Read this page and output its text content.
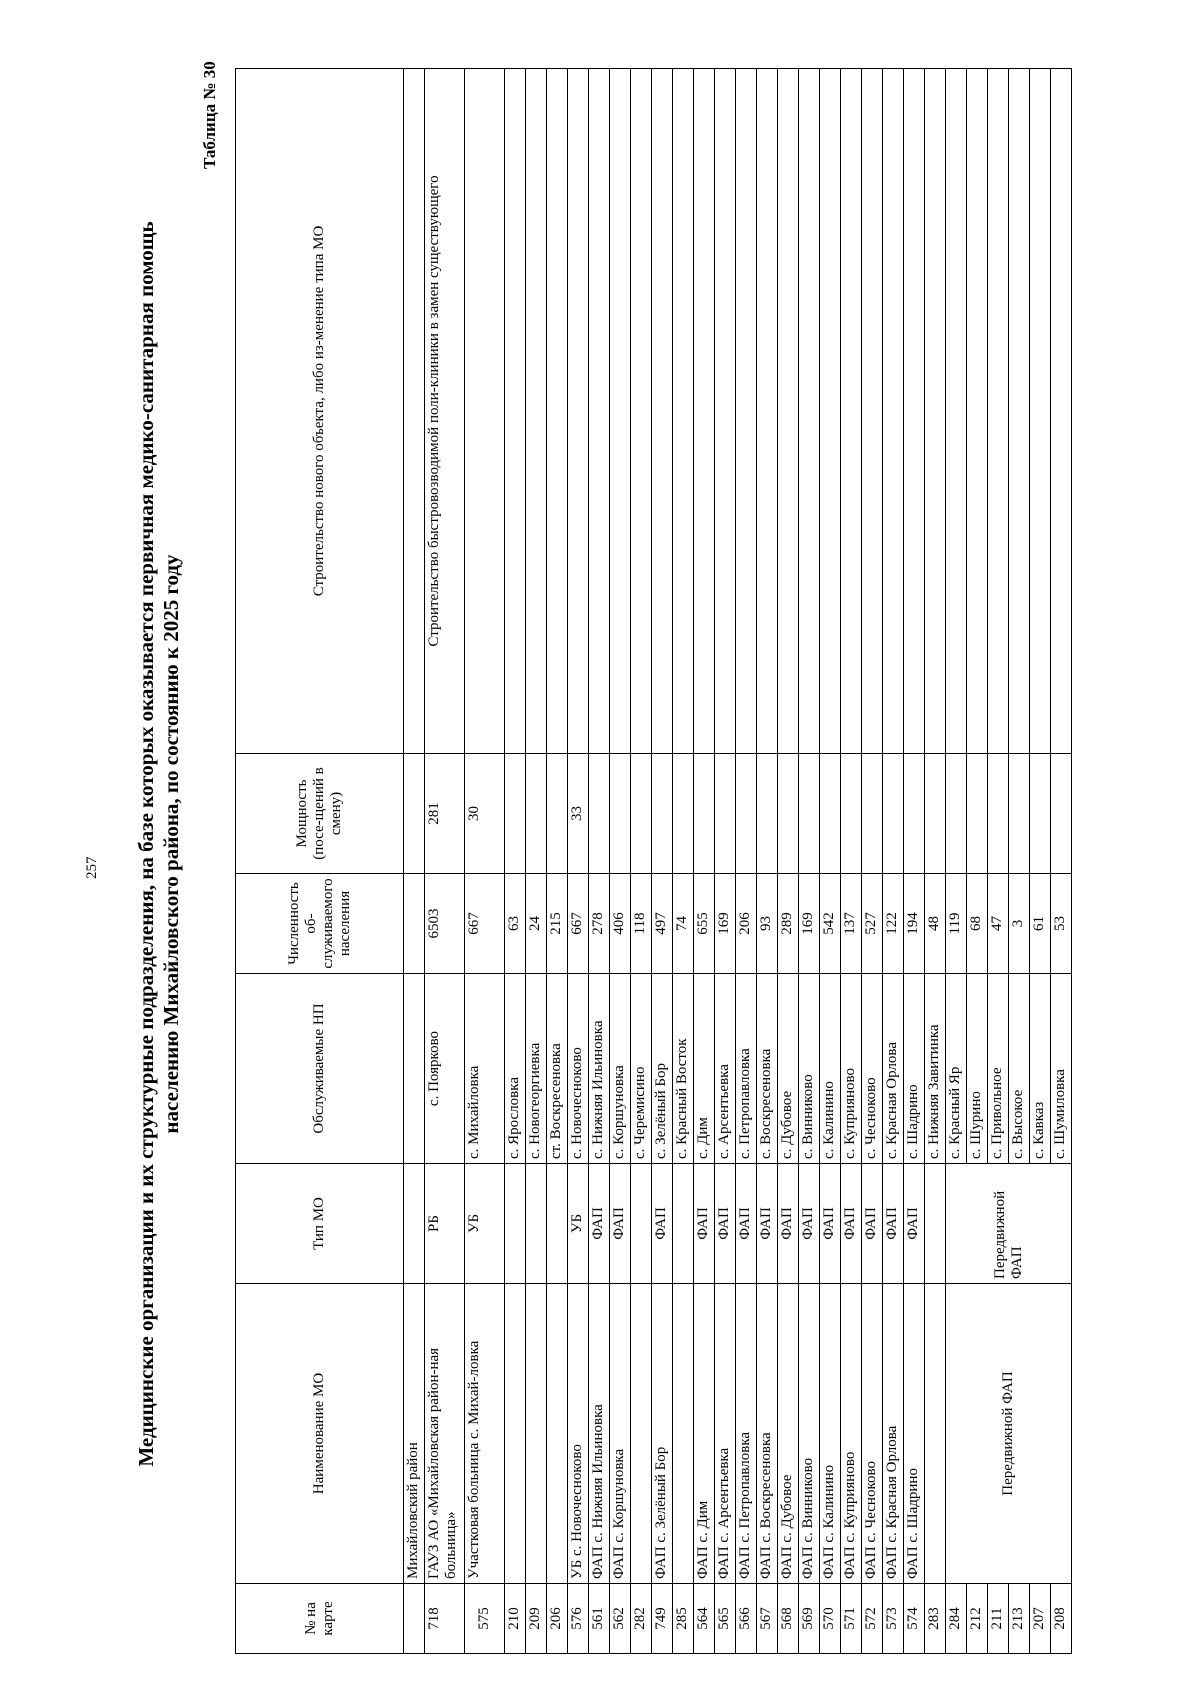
257 Медицинские организации и их структурные подразделения, на базе которых оказывается первичная медико-санитарная помощь населению Михайловского района, по состоянию к 2025 году
Таблица № 30
№ на карте	Наименование МО	Тип МО	Обслуживаемые НП	Численность об-служиваемого населения	Мощность (посе-щений в смену)	Строительство нового объекта, либо из-менение типа МО
	Михайловский район					
718	ГАУЗ АО «Михайловская район-ная больница»	РБ	с. Поярково	6503	281	Строительство быстровозводимой поли-клиники в замен существующего
575	Участковая больница с. Михай-ловка	УБ	с. Михайловка	667	30	
210			с. Ярословка	63		
209			с. Новогеоргиевка	24		
206			ст. Воскресеновка	215		
576	УБ с. Новочесноково	УБ	с. Новочесноково	667	33	
561	ФАП с. Нижняя Ильиновка	ФАП	с. Нижняя Ильиновка	278		
562	ФАП с. Коршуновка	ФАП	с. Коршуновка	406		
282			с. Черемисино	118		
749	ФАП с. Зелёный Бор	ФАП	с. Зелёный Бор	497		
285			с. Красный Восток	74		
564	ФАП с. Дим	ФАП	с. Дим	655		
565	ФАП с. Арсентьевка	ФАП	с. Арсентьевка	169		
566	ФАП с. Петропавловка	ФАП	с. Петропавловка	206		
567	ФАП с. Воскресеновка	ФАП	с. Воскресеновка	93		
568	ФАП с. Дубовое	ФАП	с. Дубовое	289		
569	ФАП с. Винниково	ФАП	с. Винниково	169		
570	ФАП с. Калинино	ФАП	с. Калинино	542		
571	ФАП с. Куприяново	ФАП	с. Куприяново	137		
572	ФАП с. Чесноково	ФАП	с. Чесноково	527		
573	ФАП с. Красная Орлова	ФАП	с. Красная Орлова	122		
574	ФАП с. Шадрино	ФАП	с. Шадрино	194		
283			с. Нижняя Завитинка	48		
284	Передвижной ФАП	Передвижной ФАП	с. Красный Яр	119		
212			с. Шурино	68		
211			с. Привольное	47		
213			с. Высокое	3		
207			с. Кавказ	61		
208			с. Шумиловка	53		
